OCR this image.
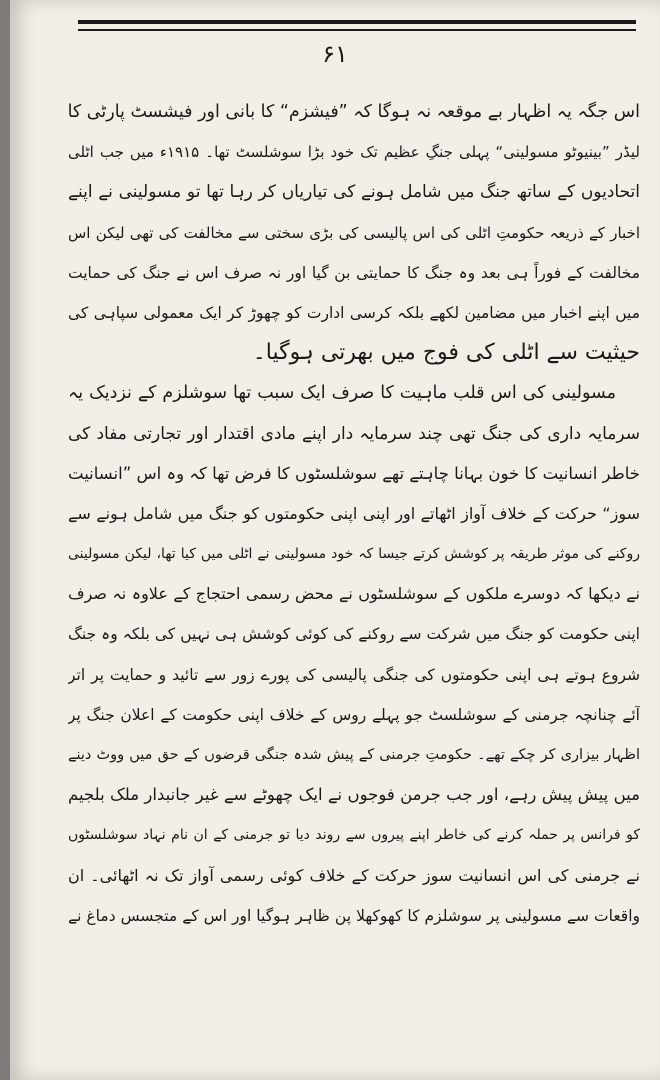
۶۱
اس جگہ یہ اظہار بے موقعہ نہ ہوگا کہ ”فیشزم“ کا بانی اور فیشسٹ پارٹی کا
لیڈر ”بینیوٹو مسولینی“ پہلی جنگِ عظیم تک خود بڑا سوشلسٹ تھا۔ ۱۹۱۵ء میں جب اٹلی
اتحادیوں کے ساتھ جنگ میں شامل ہونے کی تیاریاں کر رہا تھا تو مسولینی نے اپنے
اخبار کے ذریعہ حکومتِ اٹلی کی اس پالیسی کی بڑی سختی سے مخالفت کی تھی لیکن اس
مخالفت کے فوراً ہی بعد وہ جنگ کا حمایتی بن گیا اور نہ صرف اس نے جنگ کی حمایت
میں اپنے اخبار میں مضامین لکھے بلکہ کرسی ادارت کو چھوڑ کر ایک معمولی سپاہی کی
حیثیت سے اٹلی کی فوج میں بھرتی ہوگیا۔
مسولینی کی اس قلب ماہیت کا صرف ایک سبب تھا سوشلزم کے نزدیک یہ
سرمایہ داری کی جنگ تھی چند سرمایہ دار اپنے مادی اقتدار اور تجارتی مفاد کی
خاطر انسانیت کا خون بہانا چاہتے تھے سوشلسٹوں کا فرض تھا کہ وہ اس ”انسانیت
سوز“ حرکت کے خلاف آواز اٹھاتے اور اپنی اپنی حکومتوں کو جنگ میں شامل ہونے سے
روکنے کی موثر طریقہ پر کوشش کرتے جیسا کہ خود مسولینی نے اٹلی میں کیا تھا، لیکن مسولینی
نے دیکھا کہ دوسرے ملکوں کے سوشلسٹوں نے محض رسمی احتجاج کے علاوہ نہ صرف
اپنی حکومت کو جنگ میں شرکت سے روکنے کی کوئی کوشش ہی نہیں کی بلکہ وہ جنگ
شروع ہوتے ہی اپنی حکومتوں کی جنگی پالیسی کی پورے زور سے تائید و حمایت پر اتر
آئے چنانچہ جرمنی کے سوشلسٹ جو پہلے روس کے خلاف اپنی حکومت کے اعلان جنگ پر
اظہار بیزاری کر چکے تھے۔ حکومتِ جرمنی کے پیش شدہ جنگی قرضوں کے حق میں ووٹ دینے
میں پیش پیش رہے، اور جب جرمن فوجوں نے ایک چھوٹے سے غیر جانبدار ملک بلجیم
کو فرانس پر حملہ کرنے کی خاطر اپنے پیروں سے روند دیا تو جرمنی کے ان نام نہاد سوشلسٹوں
نے جرمنی کی اس انسانیت سوز حرکت کے خلاف کوئی رسمی آواز تک نہ اٹھائی۔ ان
واقعات سے مسولینی پر سوشلزم کا کھوکھلا پن ظاہر ہوگیا اور اس کے متجسس دماغ نے
